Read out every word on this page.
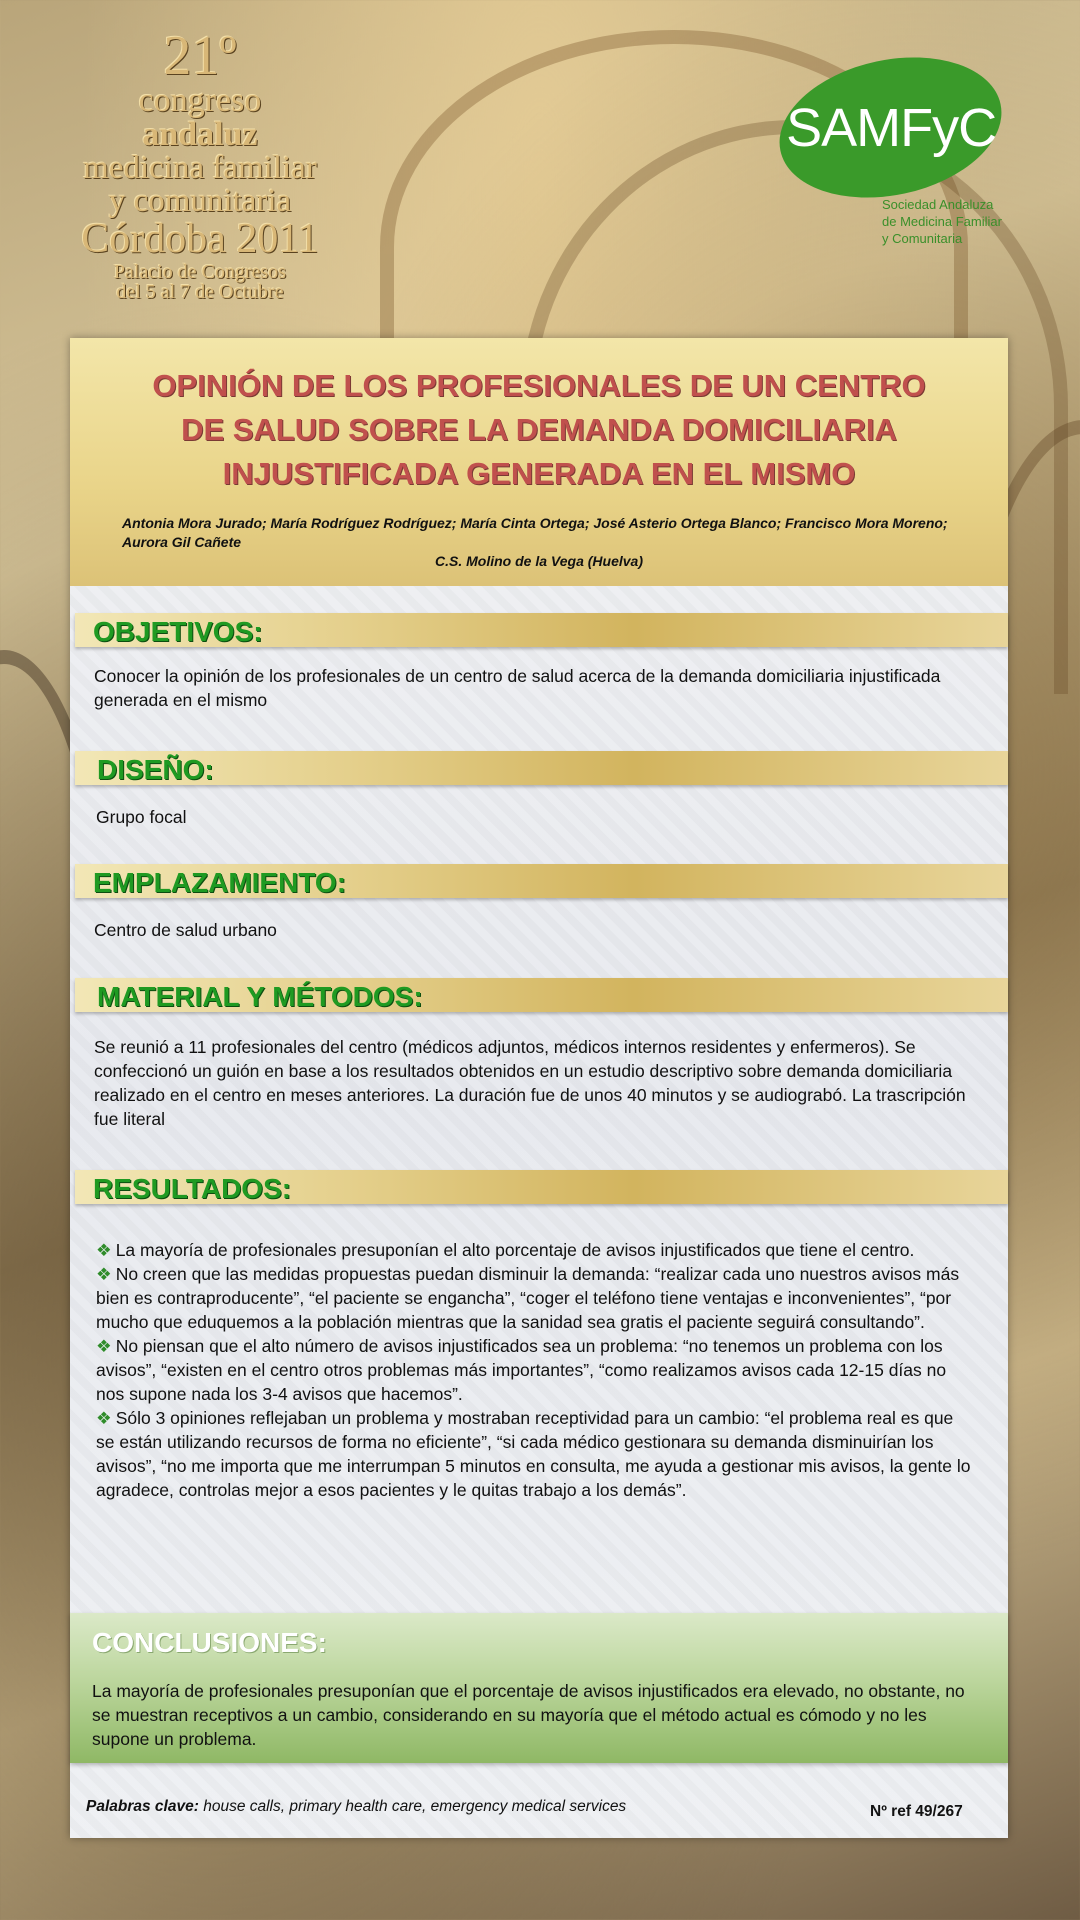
21º
congreso
andaluz
medicina familiar
y comunitaria
Córdoba 2011
Palacio de Congresos
del 5 al 7 de Octubre
SAMFyC
Sociedad Andaluza
de Medicina Familiar
y Comunitaria
OPINIÓN DE LOS PROFESIONALES DE UN CENTRO
DE SALUD SOBRE LA DEMANDA DOMICILIARIA
INJUSTIFICADA GENERADA EN EL MISMO
Antonia Mora Jurado; María Rodríguez Rodríguez; María Cinta Ortega; José Asterio Ortega Blanco; Francisco Mora Moreno; Aurora Gil Cañete
C.S. Molino de la Vega (Huelva)
OBJETIVOS:
Conocer la opinión de los profesionales de un centro de salud acerca de la demanda domiciliaria injustificada generada en el mismo
DISEÑO:
Grupo focal
EMPLAZAMIENTO:
Centro de salud urbano
MATERIAL Y MÉTODOS:
Se reunió a 11 profesionales del centro (médicos adjuntos, médicos internos residentes y enfermeros). Se confeccionó un guión en base a los resultados obtenidos en un estudio descriptivo sobre demanda domiciliaria realizado en el centro en meses anteriores. La duración fue de unos 40 minutos y se audiograbó. La trascripción fue literal
RESULTADOS:
❖ La mayoría de profesionales presuponían el alto porcentaje de avisos injustificados que tiene el centro.
❖ No creen que las medidas propuestas puedan disminuir la demanda: “realizar cada uno nuestros avisos más bien es contraproducente”, “el paciente se engancha”, “coger el teléfono tiene ventajas e inconvenientes”, “por mucho que eduquemos a la población mientras que la sanidad sea gratis el paciente seguirá consultando”.
❖ No piensan que el alto número de avisos injustificados sea un problema: “no tenemos un problema con los avisos”, “existen en el centro otros problemas más importantes”, “como realizamos avisos cada 12-15 días no nos supone nada los 3-4 avisos que hacemos”.
❖ Sólo 3 opiniones reflejaban un problema y mostraban receptividad para un cambio: “el problema real es que se están utilizando recursos de forma no eficiente”, “si cada médico gestionara su demanda disminuirían los avisos”, “no me importa que me interrumpan 5 minutos en consulta, me ayuda a gestionar mis avisos, la gente lo agradece, controlas mejor a esos pacientes y le quitas trabajo a los demás”.
CONCLUSIONES:
La mayoría de profesionales presuponían que el porcentaje de avisos injustificados era elevado, no obstante, no se muestran receptivos a un cambio, considerando en su mayoría que el método actual es cómodo y no les supone un problema.
Palabras clave: house calls, primary health care, emergency medical services	Nº ref 49/267
